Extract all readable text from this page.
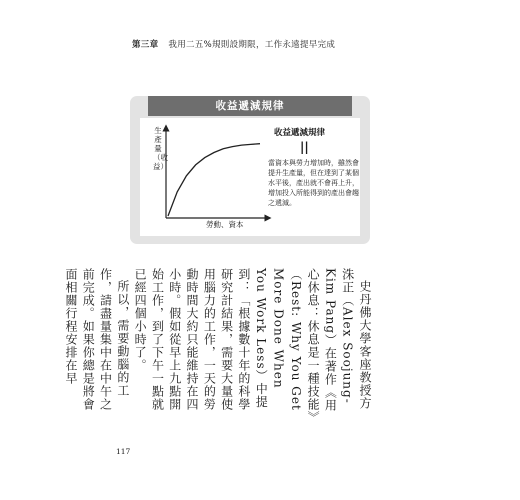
第三章 我用二五%規則設期限，工作永遠提早完成
收益遞減規律
生產量（收益）
勞動、資本
收益遞減規律
||
當資本與勞力增加時，雖然會提升生產量，但在達到了某個水平後，產出就不會再上升，增加投入所能得到的產出會趨之遞減。

史丹佛大學客座教授方洙正（Alex Soojung-Kim Pang）在著作《用心休息：休息是一種技能》（Rest: Why You Get More Done When You Work Less）中提到：「根據數十年的科學研究計結果，需要大量使用腦力的工作，一天的勞動時間大約只能維持在四小時。假如從早上九點開始工作，到了下午一點就已經四個小時了。

所以，需要動腦的工作，請盡量集中在中午之前完成。如果你總是將會面相關行程安排在早

117
